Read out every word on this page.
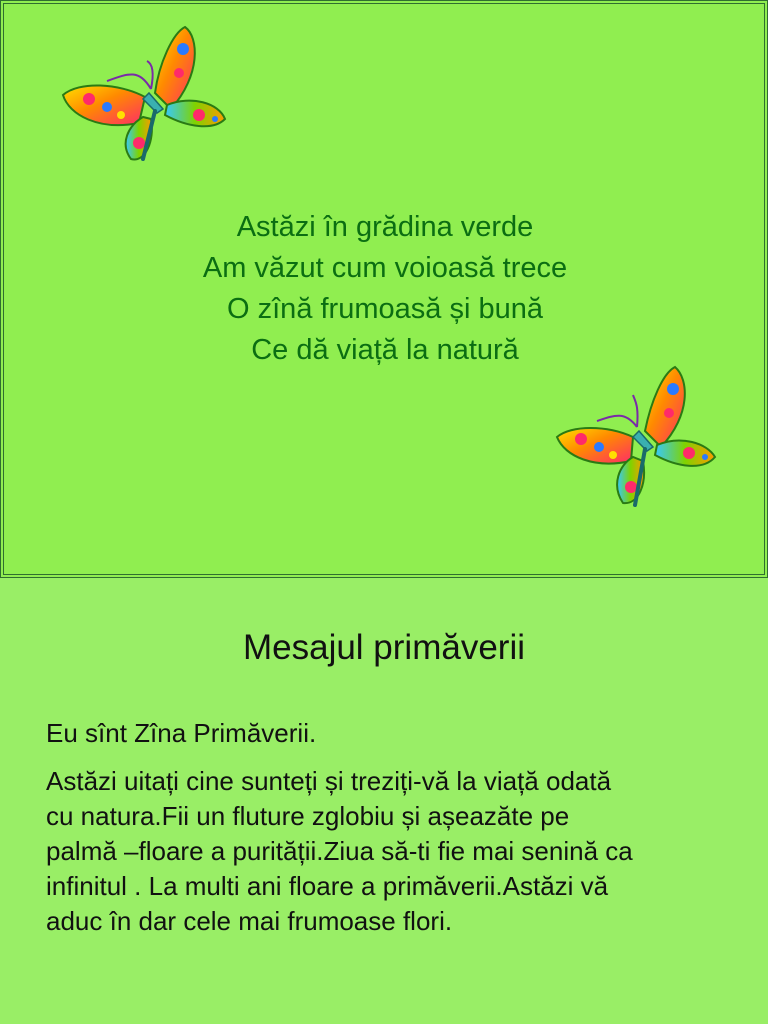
Astăzi în grădina verde
Am văzut cum voioasă trece
O zînă frumoasă și bună
Ce dă viață la natură
Mesajul primăverii
Eu sînt Zîna Primăverii.
Astăzi uitați cine sunteți și treziți-vă la viață odată
cu natura.Fii un fluture zglobiu și așeazăte pe
palmă –floare a purității.Ziua să-ti fie mai senină ca
infinitul . La multi ani floare a primăverii.Astăzi vă
aduc în dar cele mai frumoase flori.
